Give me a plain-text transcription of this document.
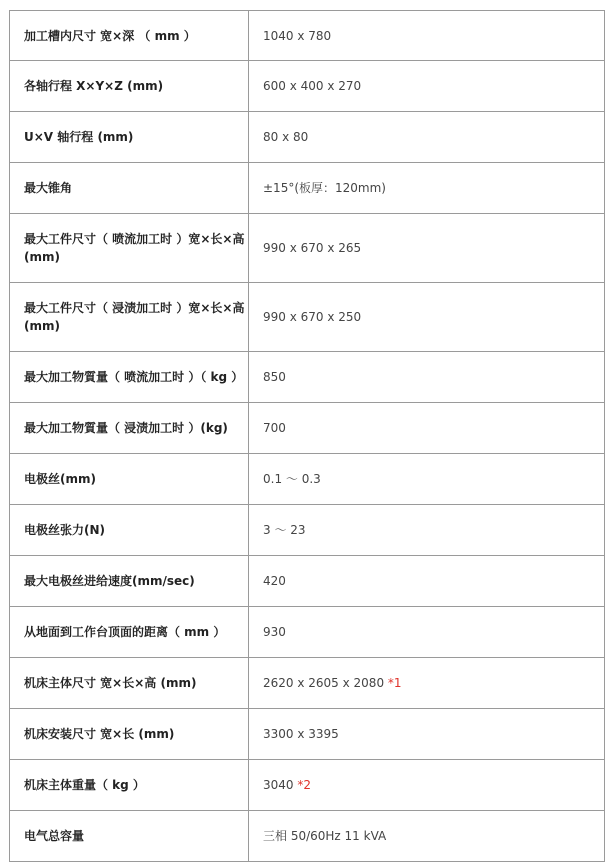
加工槽内尺寸 宽×深 （ mm ）	1040 x 780
各轴行程 X×Y×Z (mm)	600 x 400 x 270
U×V 轴行程 (mm)	80 x 80
最大锥角	±15°(板厚：120mm)
最大工件尺寸（ 喷流加工时 ）宽×长×高 (mm)	990 x 670 x 265
最大工件尺寸（ 浸渍加工时 ）宽×长×高 (mm)	990 x 670 x 250
最大加工物質量（ 喷流加工时 ）（ kg ）	850
最大加工物質量（ 浸渍加工时 ）(kg)	700
电极丝(mm)	0.1 ～ 0.3
电极丝张力(N)	3 ～ 23
最大电极丝进给速度(mm/sec)	420
从地面到工作台顶面的距离（ mm ）	930
机床主体尺寸 宽×长×高 (mm)	2620 x 2605 x 2080 *1
机床安装尺寸 宽×长 (mm)	3300 x 3395
机床主体重量（ kg ）	3040 *2
电气总容量	三相 50/60Hz 11 kVA
